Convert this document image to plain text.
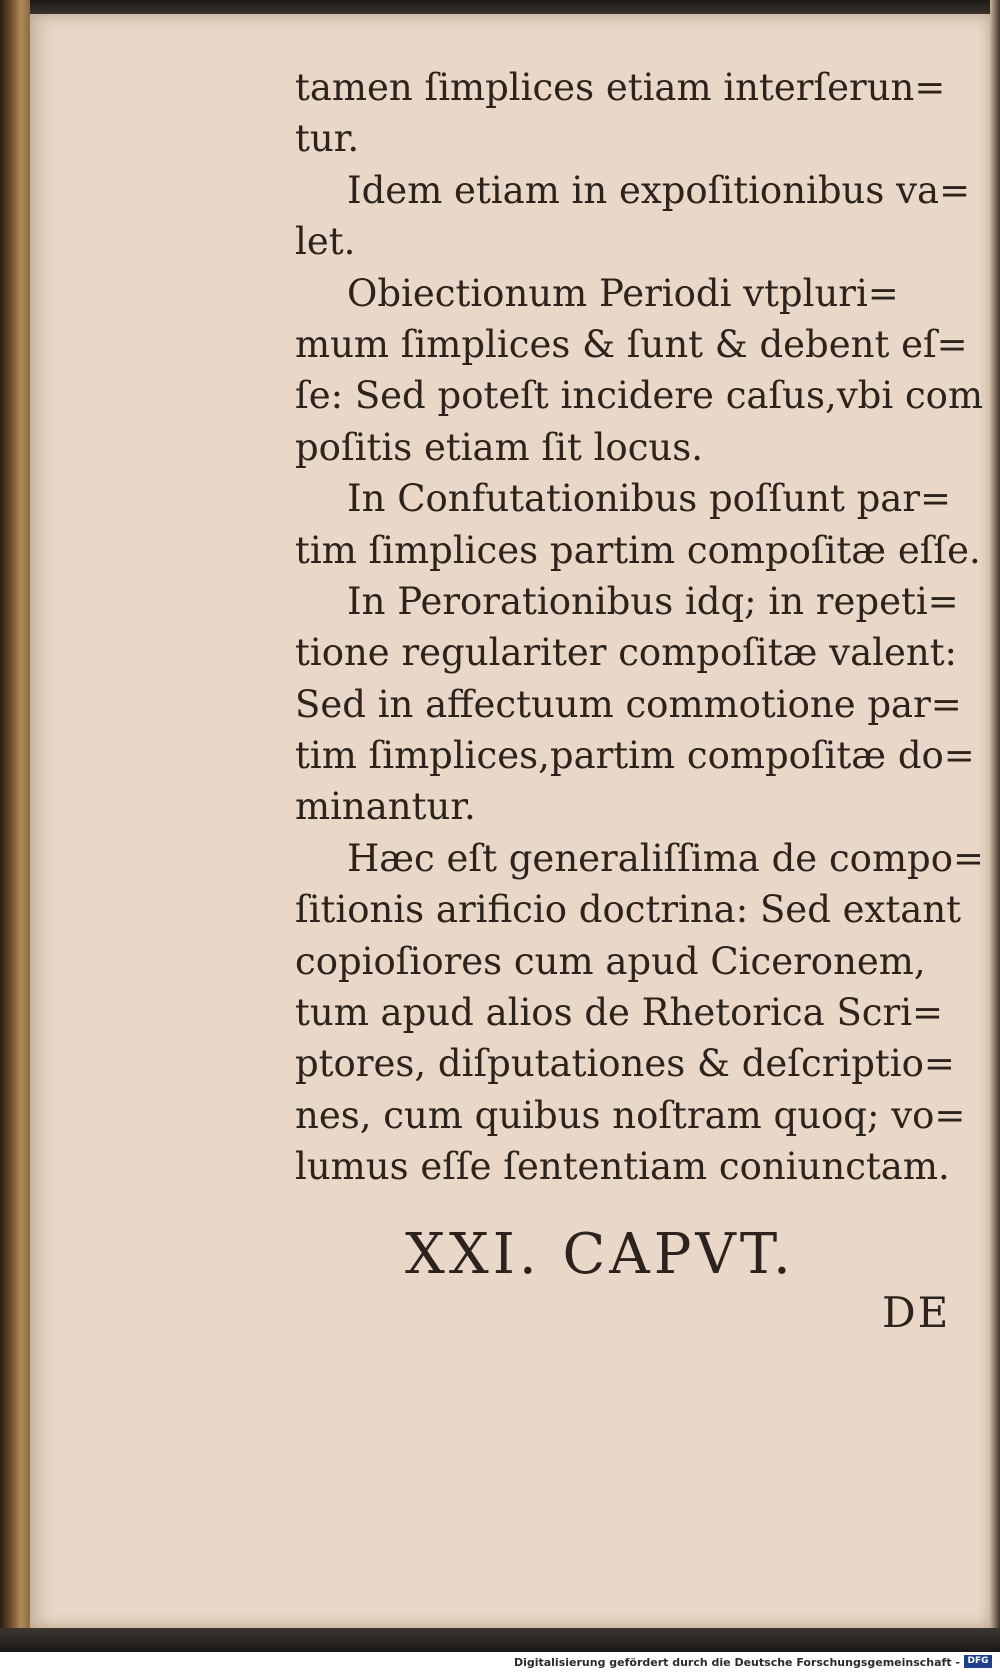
tamen ſimplices etiam interſerun=
tur.
Idem etiam in expoſitionibus va=
let.
Obiectionum Periodi vtpluri=
mum ſimplices & ſunt & debent eſ=
ſe: Sed poteſt incidere caſus,vbi com
poſitis etiam ſit locus.
In Confutationibus poſſunt par=
tim ſimplices partim compoſitæ eſſe.
In Perorationibus idq; in repeti=
tione regulariter compoſitæ valent:
Sed in affectuum commotione par=
tim ſimplices,partim compoſitæ do=
minantur.
Hæc eſt generaliſſima de compo=
ſitionis arificio doctrina: Sed extant
copioſiores cum apud Ciceronem,
tum apud alios de Rhetorica Scri=
ptores, diſputationes & deſcriptio=
nes, cum quibus noſtram quoq; vo=
lumus eſſe ſententiam coniunctam.
XXI. CAPVT.
DE
Digitalisierung gefördert durch die Deutsche Forschungsgemeinschaft - DFG
